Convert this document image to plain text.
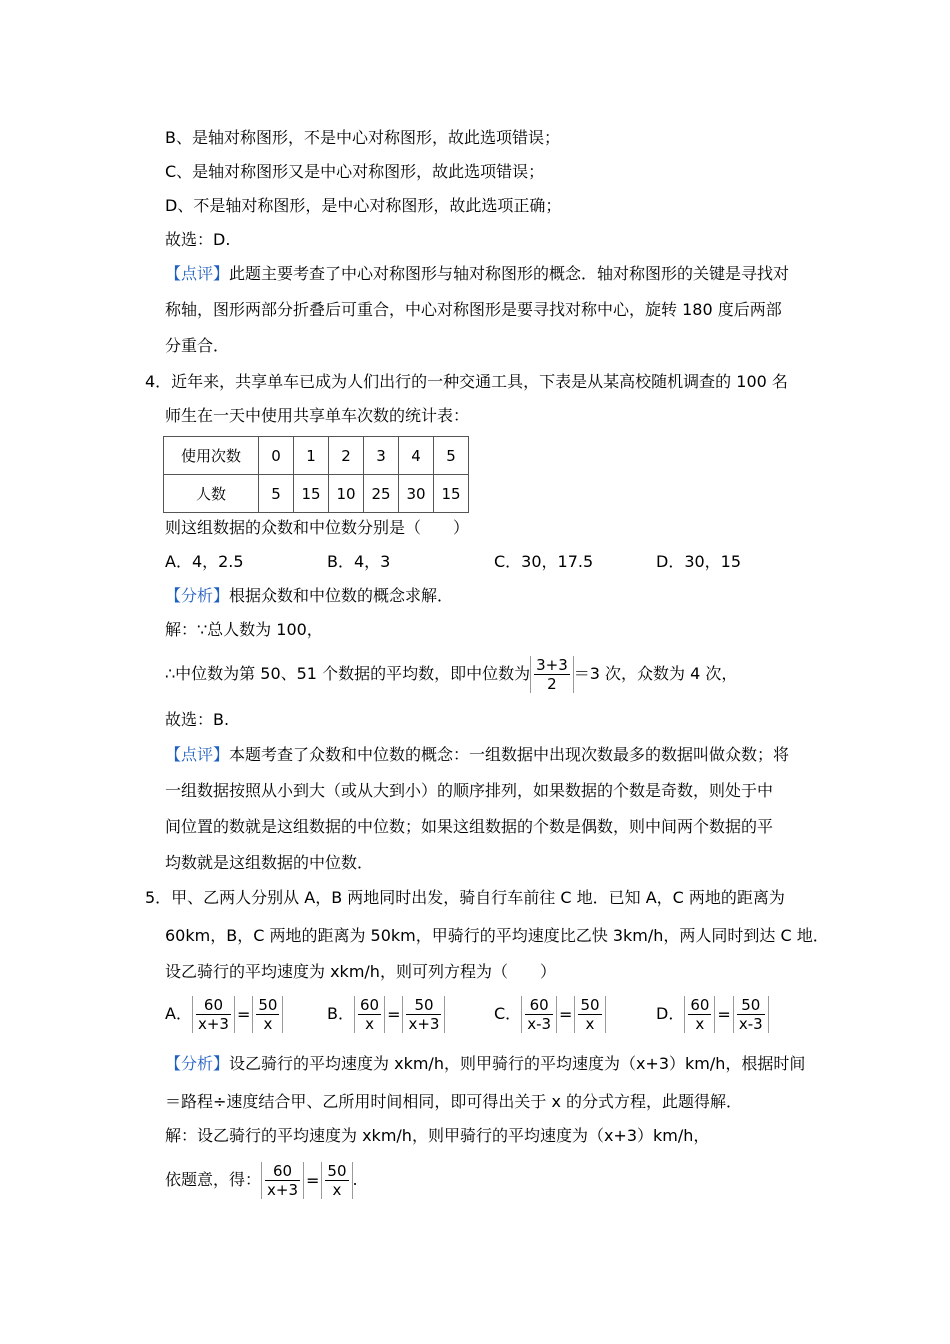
B、是轴对称图形，不是中心对称图形，故此选项错误；
C、是轴对称图形又是中心对称图形，故此选项错误；
D、不是轴对称图形，是中心对称图形，故此选项正确；
故选：D.
【点评】此题主要考查了中心对称图形与轴对称图形的概念．轴对称图形的关键是寻找对
称轴，图形两部分折叠后可重合，中心对称图形是要寻找对称中心，旋转 180 度后两部
分重合．
4．近年来，共享单车已成为人们出行的一种交通工具，下表是从某高校随机调查的 100 名
师生在一天中使用共享单车次数的统计表：
使用次数	0	1	2	3	4	5
人数	5	15	10	25	30	15
则这组数据的众数和中位数分别是（　　）
A．4，2.5	B．4，3	C．30，17.5	D．30，15
【分析】根据众数和中位数的概念求解．
解：∵总人数为 100，
∴中位数为第 50、51 个数据的平均数，即中位数为 $\frac{3+3}{2} =3$ 次，众数为 4 次，
故选：B.
【点评】本题考查了众数和中位数的概念：一组数据中出现次数最多的数据叫做众数；将
一组数据按照从小到大（或从大到小）的顺序排列，如果数据的个数是奇数，则处于中
间位置的数就是这组数据的中位数；如果这组数据的个数是偶数，则中间两个数据的平
均数就是这组数据的中位数．
5．甲、乙两人分别从 A，B 两地同时出发，骑自行车前往 C 地．已知 A，C 两地的距离为
60km，B，C 两地的距离为 50km，甲骑行的平均速度比乙快 3km/h，两人同时到达 C 地．
设乙骑行的平均速度为 xkm/h，则可列方程为（　　）
A． $\frac{60}{x+3} = \frac{50}{x}$	B． $\frac{60}{x} = \frac{50}{x+3}$	C． $\frac{60}{x-3} = \frac{50}{x}$	D． $\frac{60}{x} = \frac{50}{x-3}$
【分析】设乙骑行的平均速度为 xkm/h，则甲骑行的平均速度为（x+3）km/h，根据时间
＝路程÷速度结合甲、乙所用时间相同，即可得出关于 x 的分式方程，此题得解．
解：设乙骑行的平均速度为 xkm/h，则甲骑行的平均速度为（x+3）km/h，
依题意，得： $\frac{60}{x+3} = \frac{50}{x}$ .
